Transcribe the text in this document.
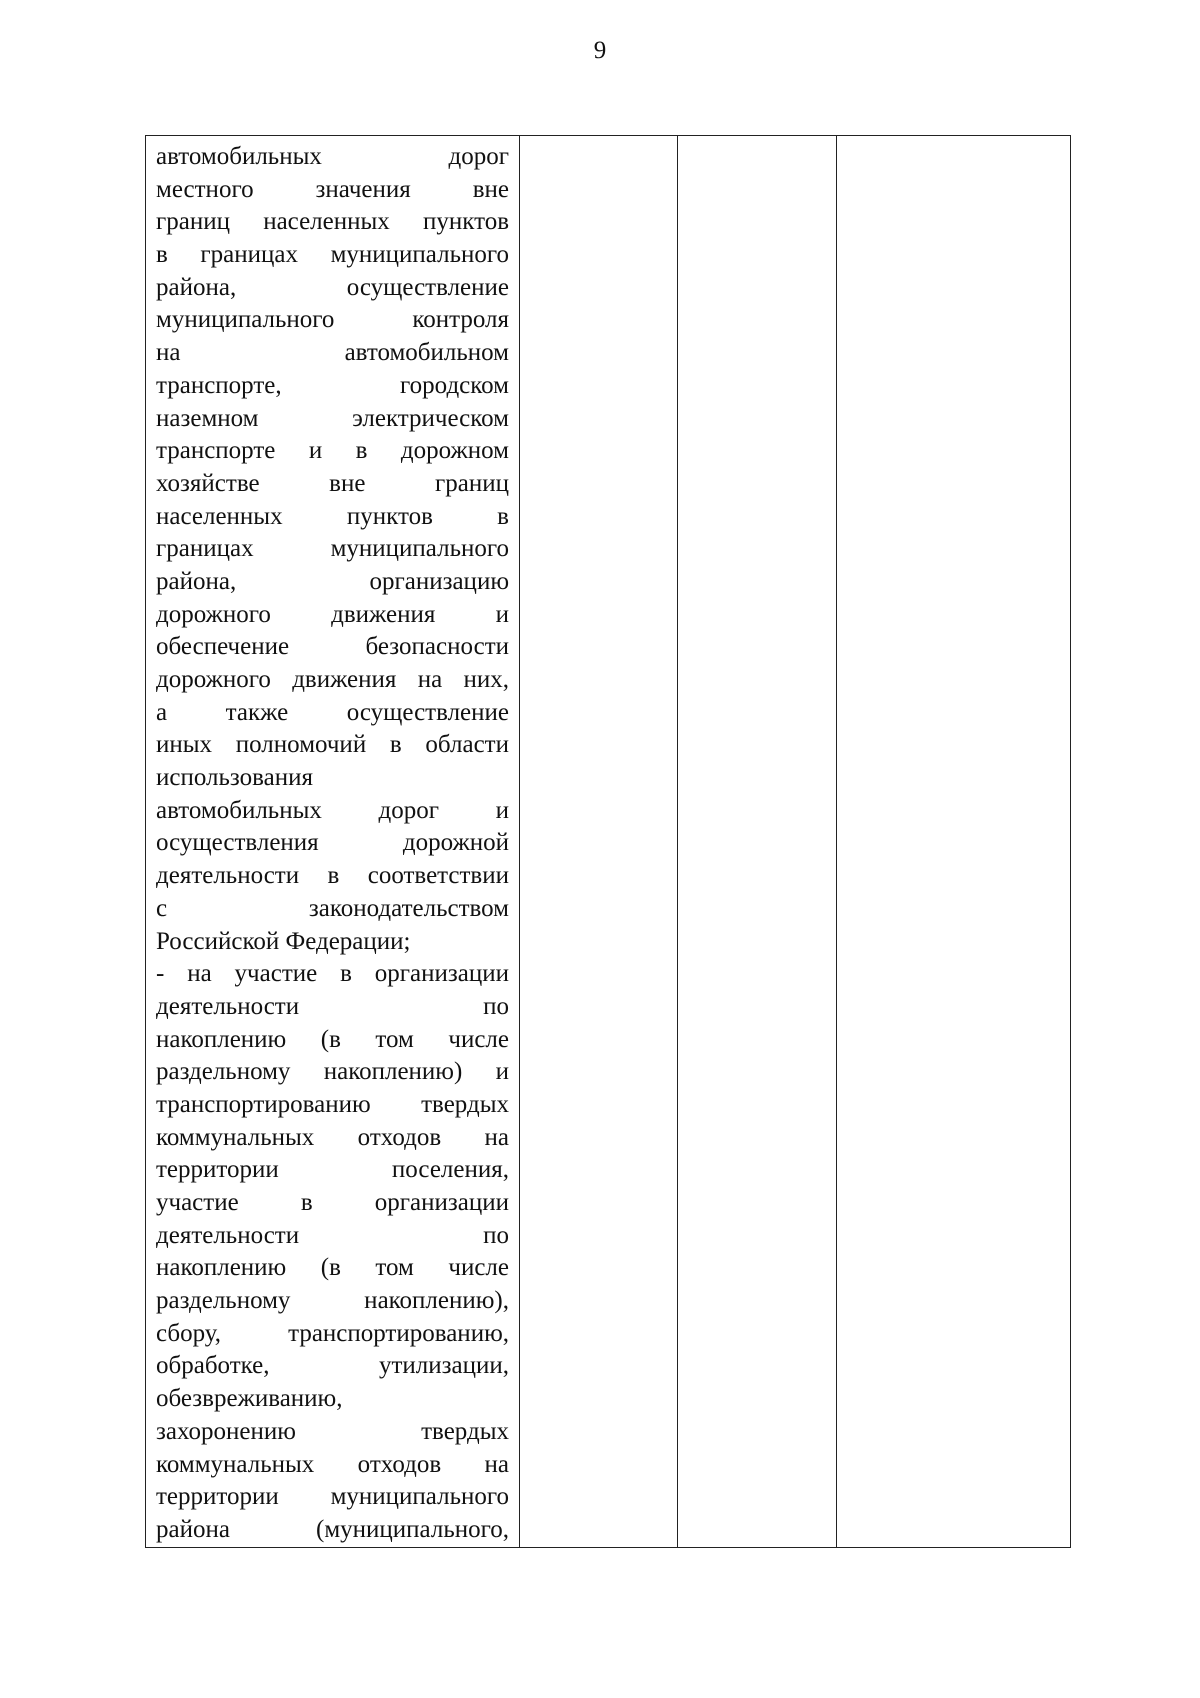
9
автомобильных дорог
местного значения вне
границ населенных пунктов
в границах муниципального
района, осуществление
муниципального контроля
на автомобильном
транспорте, городском
наземном электрическом
транспорте и в дорожном
хозяйстве вне границ
населенных пунктов в
границах муниципального
района, организацию
дорожного движения и
обеспечение безопасности
дорожного движения на них,
а также осуществление
иных полномочий в области
использования
автомобильных дорог и
осуществления дорожной
деятельности в соответствии
с законодательством
Российской Федерации;
- на участие в организации
деятельности по
накоплению (в том числе
раздельному накоплению) и
транспортированию твердых
коммунальных отходов на
территории поселения,
участие в организации
деятельности по
накоплению (в том числе
раздельному накоплению),
сбору, транспортированию,
обработке, утилизации,
обезвреживанию,
захоронению твердых
коммунальных отходов на
территории муниципального
района (муниципального,
